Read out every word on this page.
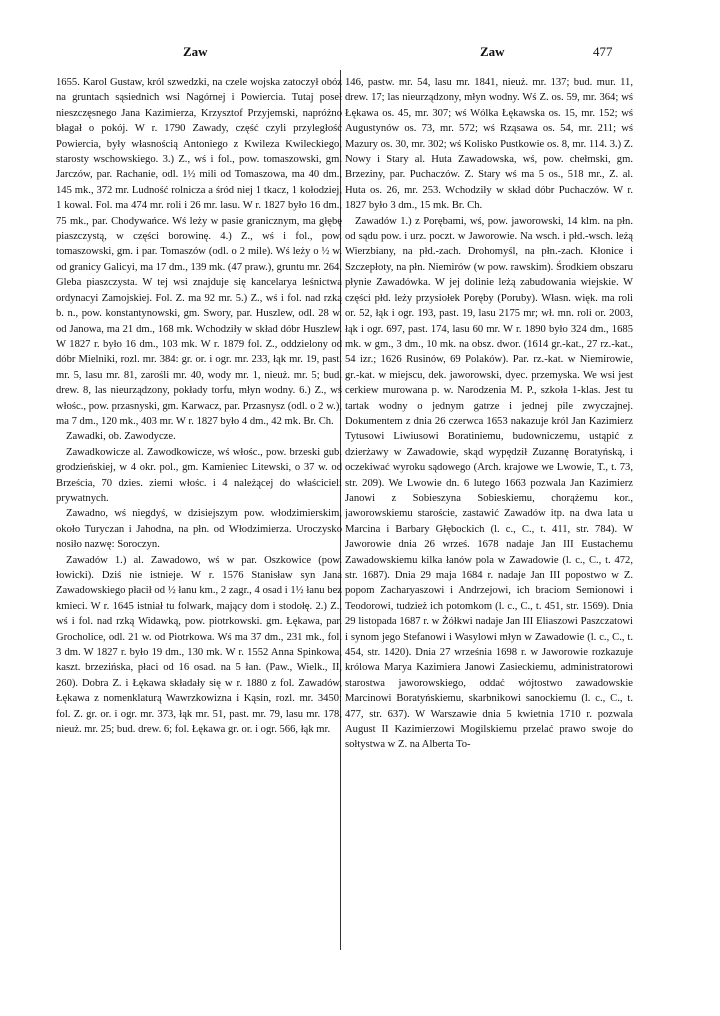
Zaw	Zaw	477

1655. Karol Gustaw, król szwedzki, na czele wojska zatoczył obóz na gruntach sąsiednich wsi Nagórnej i Powiercia. Tutaj poseł nieszczęsnego Jana Kazimierza, Krzysztof Przyjemski, napróżno błagał o pokój. W r. 1790 Zawady, część czyli przyległość Powiercia, były własnością Antoniego z Kwileza Kwileckiego, starosty wschowskiego. 3.) Z., wś i fol., pow. tomaszowski, gm. Jarczów, par. Rachanie, odl. 1½ mili od Tomaszowa, ma 40 dm., 145 mk., 372 mr. Ludność rolnicza a śród niej 1 tkacz, 1 kołodziej, 1 kowal. Fol. ma 474 mr. roli i 26 mr. lasu. W r. 1827 było 16 dm., 75 mk., par. Chodywańce. Wś leży w pasie granicznym, ma głębę piaszczystą, w części borowinę. 4.) Z., wś i fol., pow. tomaszowski, gm. i par. Tomaszów (odl. o 2 mile). Wś leży o ½ w. od granicy Galicyi, ma 17 dm., 139 mk. (47 praw.), gruntu mr. 264. Gleba piaszczysta. W tej wsi znajduje się kancelarya leśnictwa ordynacyi Zamojskiej. Fol. Z. ma 92 mr. 5.) Z., wś i fol. nad rzką b. n., pow. konstantynowski, gm. Swory, par. Huszlew, odl. 28 w. od Janowa, ma 21 dm., 168 mk. Wchodziły w skład dóbr Huszlew. W 1827 r. było 16 dm., 103 mk. W r. 1879 fol. Z., oddzielony od dóbr Mielniki, rozl. mr. 384: gr. or. i ogr. mr. 233, łąk mr. 19, past. mr. 5, lasu mr. 81, zarośli mr. 40, wody mr. 1, nieuż. mr. 5; bud. drew. 8, las nieurządzony, pokłady torfu, młyn wodny. 6.) Z., wś włośc., pow. przasnyski, gm. Karwacz, par. Przasnysz (odl. o 2 w.), ma 7 dm., 120 mk., 403 mr. W r. 1827 było 4 dm., 42 mk. Br. Ch.

Zawadki, ob. Zawodycze.

Zawadkowicze al. Zawodkowicze, wś włośc., pow. brzeski gub. grodzieńskiej, w 4 okr. pol., gm. Kamieniec Litewski, o 37 w. od Brześcia, 70 dzies. ziemi włośc. i 4 należącej do właścicieli prywatnych.

Zawadno, wś niegdyś, w dzisiejszym pow. włodzimierskim, około Turyczan i Jahodna, na płn. od Włodzimierza. Uroczysko nosiło nazwę: Soroczyn.

Zawadów 1.) al. Zawadowo, wś w par. Oszkowice (pow. łowicki). Dziś nie istnieje. W r. 1576 Stanisław syn Jana Zawadowskiego płacił od ½ łanu km., 2 zagr., 4 osad i 1½ łanu bez kmieci. W r. 1645 istniał tu folwark, mający dom i stodołę. 2.) Z., wś i fol. nad rzką Widawką, pow. piotrkowski. gm. Łękawa, par. Grocholice, odl. 21 w. od Piotrkowa. Wś ma 37 dm., 231 mk., fol. 3 dm. W 1827 r. było 19 dm., 130 mk. W r. 1552 Anna Spinkowa, kaszt. brzezińska, płaci od 16 osad. na 5 łan. (Paw., Wielk., II, 260). Dobra Z. i Łękawa składały się w r. 1880 z fol. Zawadów, Łękawa z nomenklaturą Wawrzkowizna i Kąsin, rozl. mr. 3450: fol. Z. gr. or. i ogr. mr. 373, łąk mr. 51, past. mr. 79, lasu mr. 178, nieuż. mr. 25; bud. drew. 6; fol. Łękawa gr. or. i ogr. 566, łąk mr.

146, pastw. mr. 54, lasu mr. 1841, nieuż. mr. 137; bud. mur. 11, drew. 17; las nieurządzony, młyn wodny. Wś Z. os. 59, mr. 364; wś Łękawa os. 45, mr. 307; wś Wólka Łękawska os. 15, mr. 152; wś Augustynów os. 73, mr. 572; wś Rząsawa os. 54, mr. 211; wś Mazury os. 30, mr. 302; wś Kolisko Pustkowie os. 8, mr. 114. 3.) Z. Nowy i Stary al. Huta Zawadowska, wś, pow. chełmski, gm. Brzeziny, par. Puchaczów. Z. Stary wś ma 5 os., 518 mr., Z. al. Huta os. 26, mr. 253. Wchodziły w skład dóbr Puchaczów. W r. 1827 było 3 dm., 15 mk. Br. Ch.

Zawadów 1.) z Porębami, wś, pow. jaworowski, 14 klm. na płn. od sądu pow. i urz. poczt. w Jaworowie. Na wsch. i płd.-wsch. leżą Wierzbiany, na płd.-zach. Drohomyśl, na płn.-zach. Kłonice i Szczepłoty, na płn. Niemirów (w pow. rawskim). Środkiem obszaru płynie Zawadówka. W jej dolinie leżą zabudowania wiejskie. W części płd. leży przysiołek Poręby (Poruby). Własn. więk. ma roli or. 52, łąk i ogr. 193, past. 19, lasu 2175 mr; wł. mn. roli or. 2003, łąk i ogr. 697, past. 174, lasu 60 mr. W r. 1890 było 324 dm., 1685 mk. w gm., 3 dm., 10 mk. na obsz. dwor. (1614 gr.-kat., 27 rz.-kat., 54 izr.; 1626 Rusinów, 69 Polaków). Par. rz.-kat. w Niemirowie, gr.-kat. w miejscu, dek. jaworowski, dyec. przemyska. We wsi jest cerkiew murowana p. w. Narodzenia M. P., szkoła 1-klas. Jest tu tartak wodny o jednym gatrze i jednej pile zwyczajnej. Dokumentem z dnia 26 czerwca 1653 nakazuje król Jan Kazimierz Tytusowi Liwiusowi Boratiniemu, budowniczemu, ustąpić z dzierżawy w Zawadowie, skąd wypędził Zuzannę Boratyńską, i oczekiwać wyroku sądowego (Arch. krajowe we Lwowie, T., t. 73, str. 209). We Lwowie dn. 6 lutego 1663 pozwala Jan Kazimierz Janowi z Sobieszyna Sobieskiemu, chorążemu kor., jaworowskiemu staroście, zastawić Zawadów itp. na dwa lata u Marcina i Barbary Głębockich (l. c., C., t. 411, str. 784). W Jaworowie dnia 26 wrześ. 1678 nadaje Jan III Eustachemu Zawadowskiemu kilka łanów pola w Zawadowie (l. c., C., t. 472, str. 1687). Dnia 29 maja 1684 r. nadaje Jan III popostwo w Z. popom Zacharyaszowi i Andrzejowi, ich braciom Semionowi i Teodorowi, tudzież ich potomkom (l. c., C., t. 451, str. 1569). Dnia 29 listopada 1687 r. w Żółkwi nadaje Jan III Eliaszowi Paszczatowi i synom jego Stefanowi i Wasylowi młyn w Zawadowie (l. c., C., t. 454, str. 1420). Dnia 27 września 1698 r. w Jaworowie rozkazuje królowa Marya Kazimiera Janowi Zasieckiemu, administratorowi starostwa jaworowskiego, oddać wójtostwo zawadowskie Marcinowi Boratyńskiemu, skarbnikowi sanockiemu (l. c., C., t. 477, str. 637). W Warszawie dnia 5 kwietnia 1710 r. pozwala August II Kazimierzowi Mogilskiemu przelać prawo swoje do sołtystwa w Z. na Alberta To-
